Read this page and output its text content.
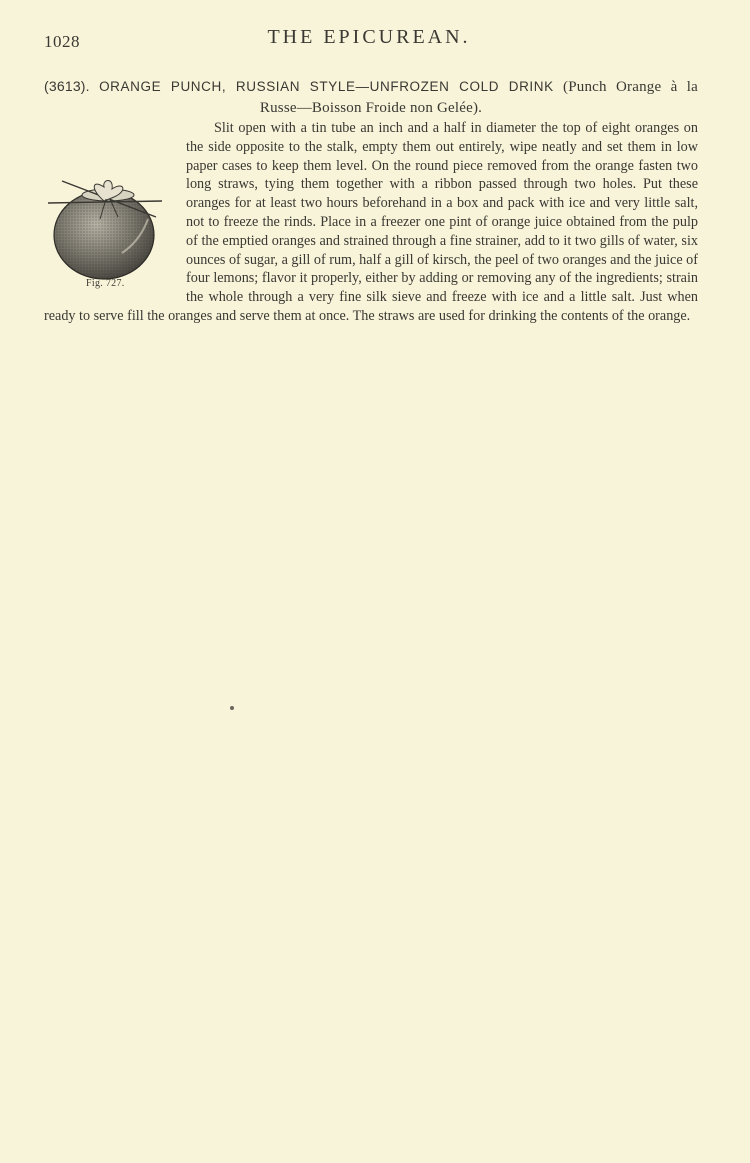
1028	THE EPICUREAN.
(3613). ORANGE PUNCH, RUSSIAN STYLE—UNFROZEN COLD DRINK (Punch Orange à la
Russe—Boisson Froide non Gelée).
Fig. 727.

Slit open with a tin tube an inch and a half in diameter the top of eight oranges on the side opposite to the stalk, empty them out entirely, wipe neatly and set them in low paper cases to keep them level. On the round piece removed from the orange fasten two long straws, tying them together with a ribbon passed through two holes. Put these oranges for at least two hours beforehand in a box and pack with ice and very little salt, not to freeze the rinds. Place in a freezer one pint of orange juice obtained from the pulp of the emptied oranges and strained through a fine strainer, add to it two gills of water, six ounces of sugar, a gill of rum, half a gill of kirsch, the peel of two oranges and the juice of four lemons; flavor it properly, either by adding or removing any of the ingredients; strain the whole through a very fine silk sieve and freeze with ice and a little salt. Just when ready to serve fill the oranges and serve them at once. The straws are used for drinking the contents of the orange.
